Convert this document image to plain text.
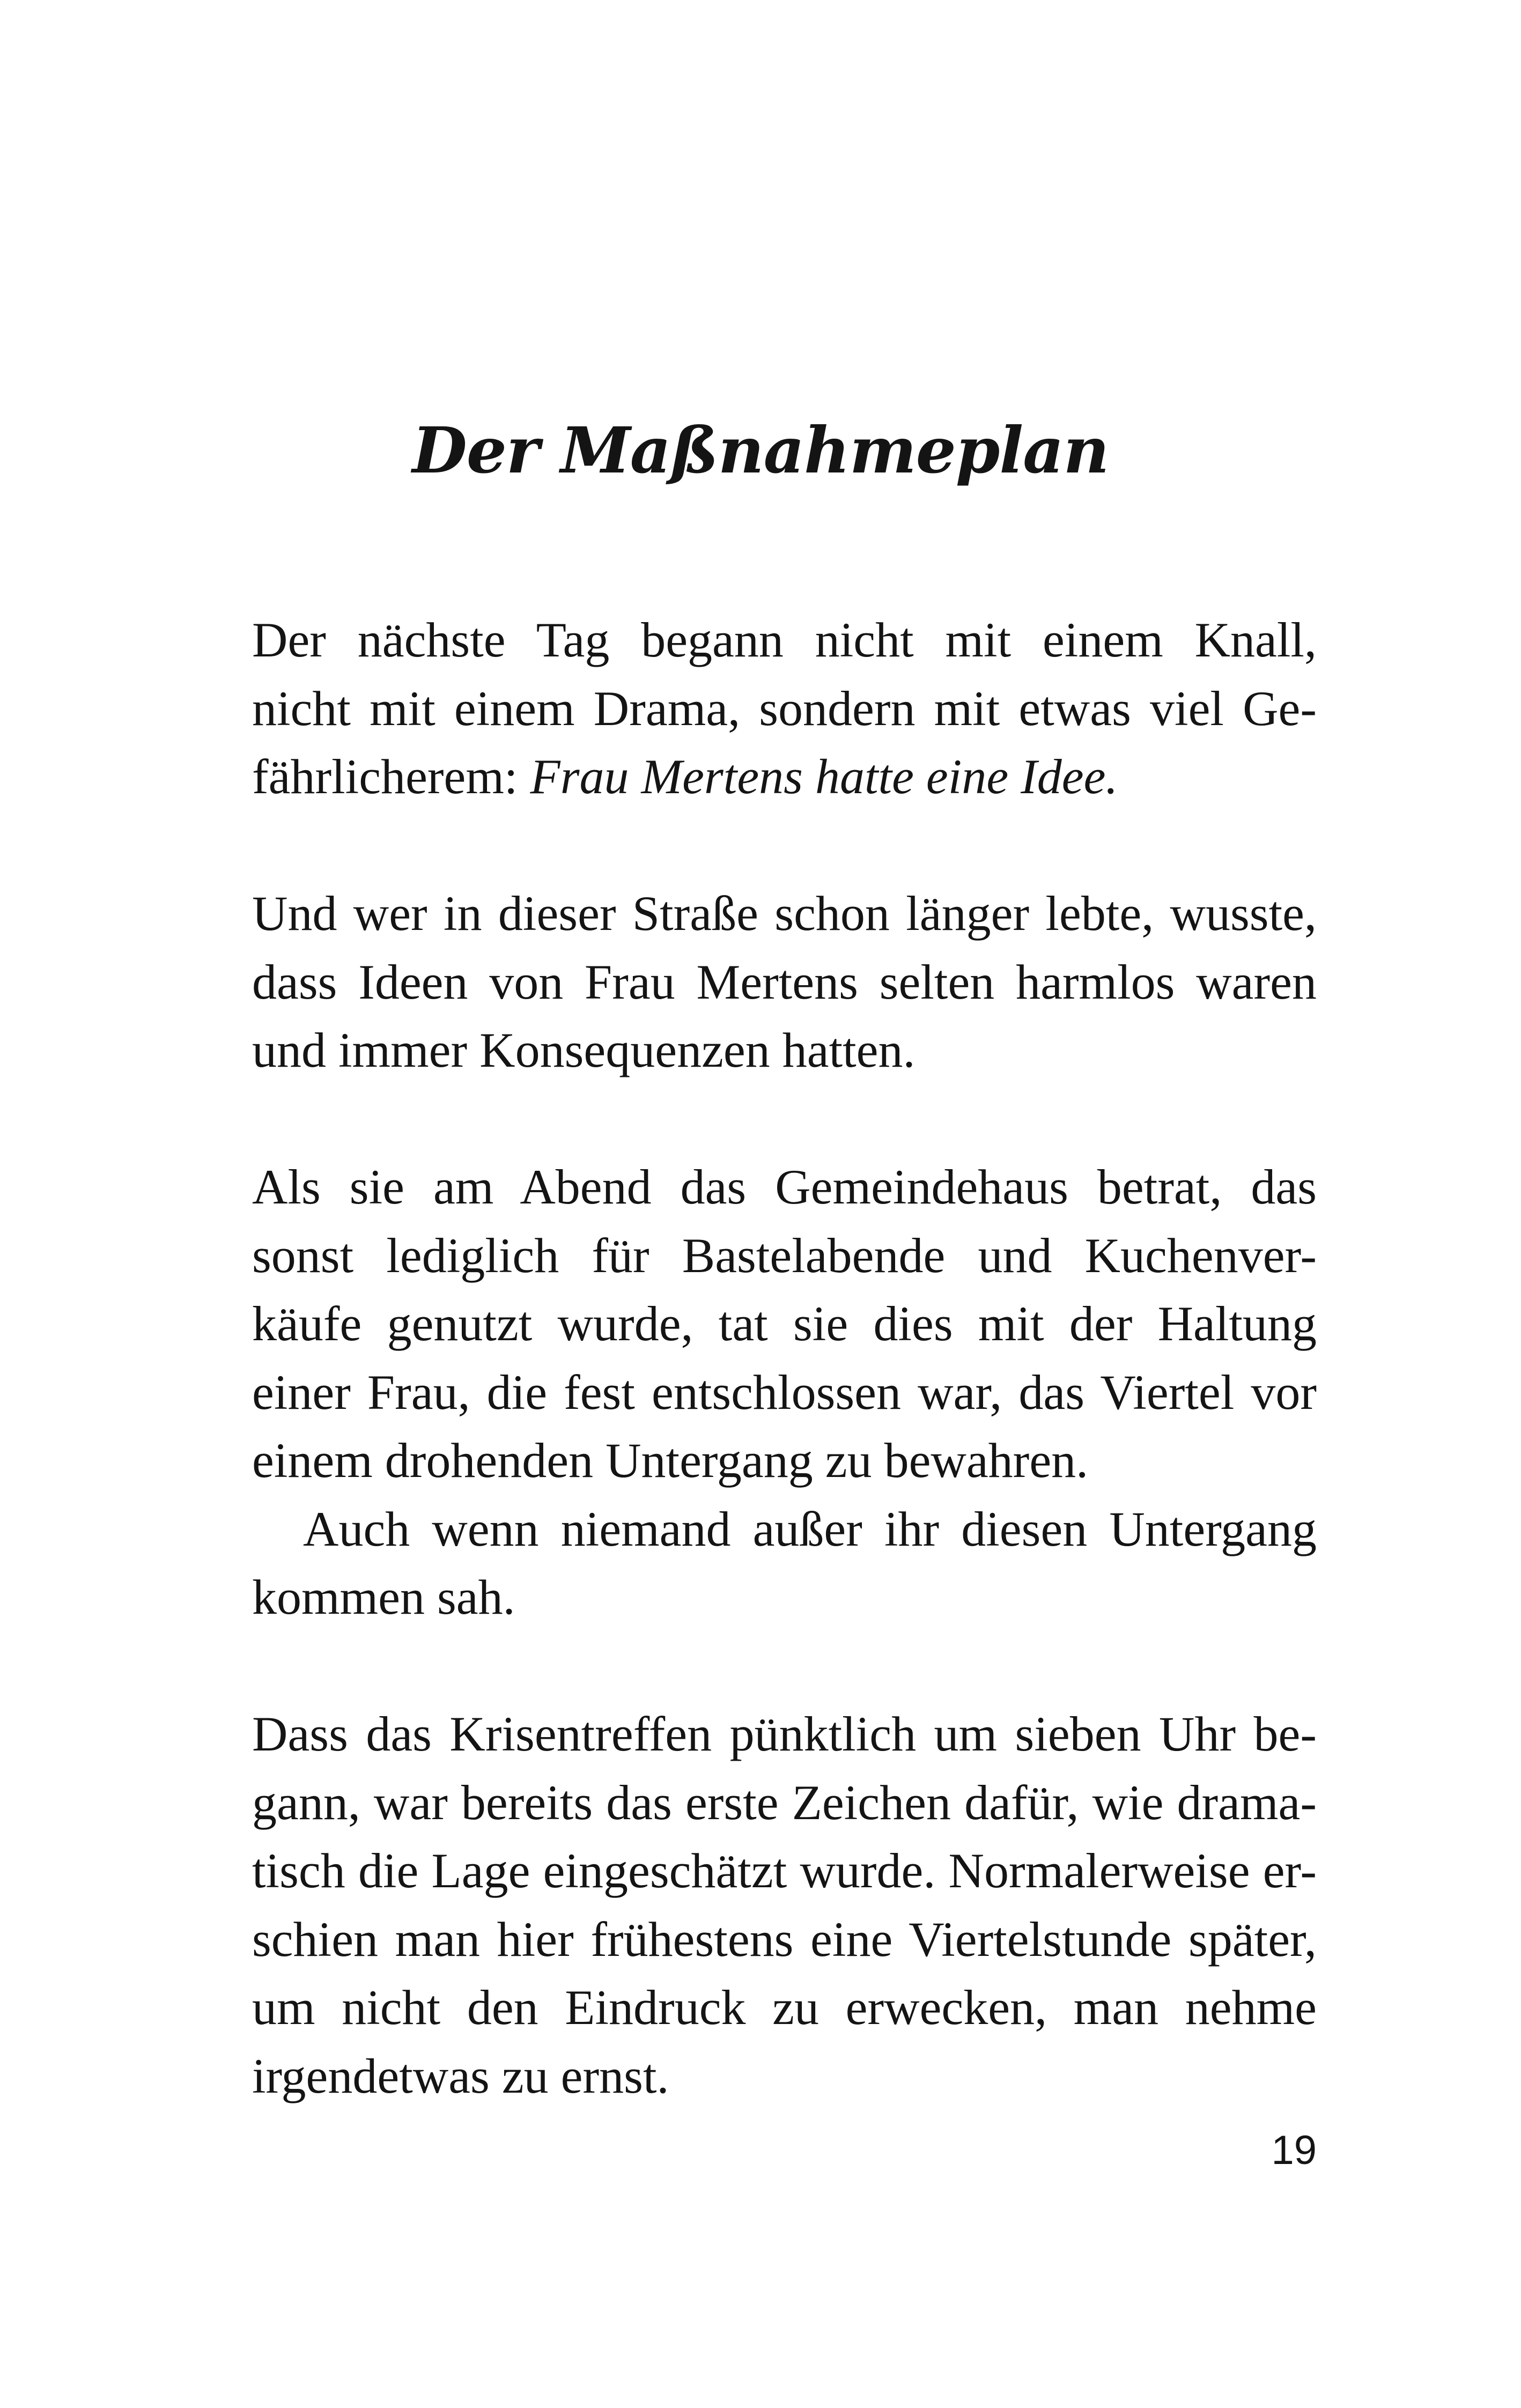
Der Maßnahmeplan
Der nächste Tag begann nicht mit einem Knall,
nicht mit einem Drama, sondern mit etwas viel Ge-
fährlicherem: Frau Mertens hatte eine Idee.
Und wer in dieser Straße schon länger lebte, wusste,
dass Ideen von Frau Mertens selten harmlos waren
und immer Konsequenzen hatten.
Als sie am Abend das Gemeindehaus betrat, das
sonst lediglich für Bastelabende und Kuchenver-
käufe genutzt wurde, tat sie dies mit der Haltung
einer Frau, die fest entschlossen war, das Viertel vor
einem drohenden Untergang zu bewahren.
Auch wenn niemand außer ihr diesen Untergang
kommen sah.
Dass das Krisentreffen pünktlich um sieben Uhr be-
gann, war bereits das erste Zeichen dafür, wie drama-
tisch die Lage eingeschätzt wurde. Normalerweise er-
schien man hier frühestens eine Viertelstunde später,
um nicht den Eindruck zu erwecken, man nehme
irgendetwas zu ernst.
19
